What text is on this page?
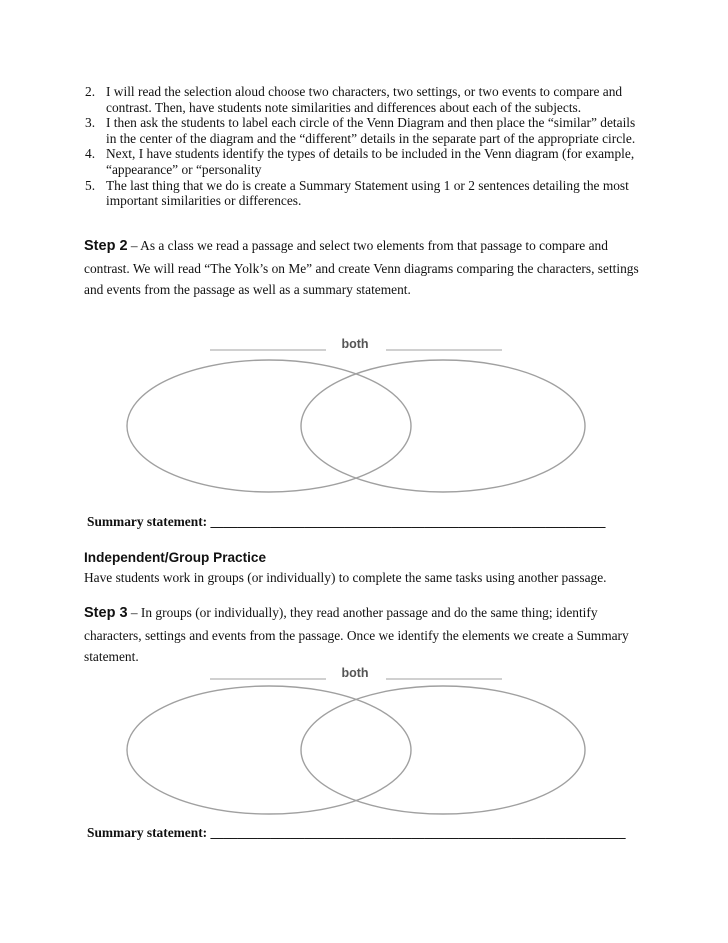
2. I will read the selection aloud choose two characters, two settings, or two events to compare and contrast. Then, have students note similarities and differences about each of the subjects.
3. I then ask the students to label each circle of the Venn Diagram and then place the “similar” details in the center of the diagram and the “different” details in the separate part of the appropriate circle.
4. Next, I have students identify the types of details to be included in the Venn diagram (for example, “appearance” or “personality
5. The last thing that we do is create a Summary Statement using 1 or 2 sentences detailing the most important similarities or differences.

Step 2 – As a class we read a passage and select two elements from that passage to compare and contrast. We will read “The Yolk’s on Me” and create Venn diagrams comparing the characters, settings and events from the passage as well as a summary statement.

both

Summary statement: ___________________________________________________________

Independent/Group Practice

Have students work in groups (or individually) to complete the same tasks using another passage.

Step 3 – In groups (or individually), they read another passage and do the same thing; identify characters, settings and events from the passage. Once we identify the elements we create a Summary statement.

both

Summary statement: ______________________________________________________________
